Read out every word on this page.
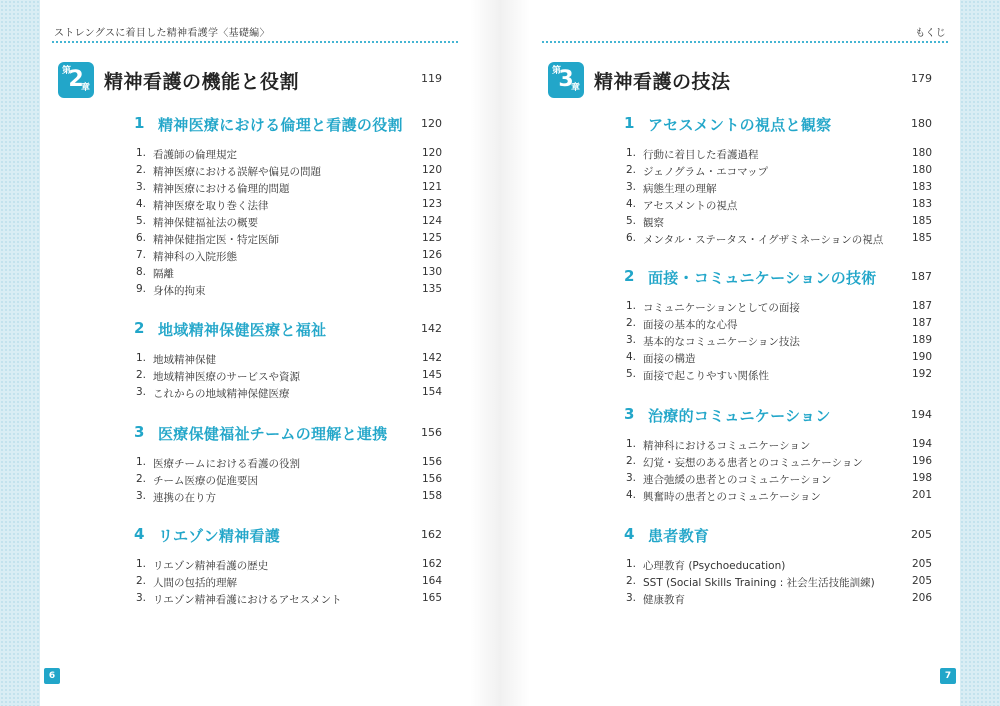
ストレングスに着目した精神看護学〈基礎編〉
第
2
章 精神看護の機能と役割	119
1 精神医療における倫理と看護の役割 120
1. 看護師の倫理規定	120
2. 精神医療における誤解や偏見の問題	120
3. 精神医療における倫理的問題	121
4. 精神医療を取り巻く法律	123
5. 精神保健福祉法の概要	124
6. 精神保健指定医・特定医師	125
7. 精神科の入院形態	126
8. 隔離	130
9. 身体的拘束	135
2 地域精神保健医療と福祉	142
1. 地域精神保健	142
2. 地域精神医療のサービスや資源	145
3. これからの地域精神保健医療	154
3 医療保健福祉チームの理解と連携	156
1. 医療チームにおける看護の役割	156
2. チーム医療の促進要因	156
3. 連携の在り方	158
4 リエゾン精神看護	162
1. リエゾン精神看護の歴史	162
2. 人間の包括的理解	164
3. リエゾン精神看護におけるアセスメント	165
もくじ
第
3
章 精神看護の技法	179
1 アセスメントの視点と観察	180
1. 行動に着目した看護過程	180
2. ジェノグラム・エコマップ	180
3. 病態生理の理解	183
4. アセスメントの視点	183
5. 観察	185
6. メンタル・ステータス・イグザミネーションの視点	185
2 面接・コミュニケーションの技術	187
1. コミュニケーションとしての面接	187
2. 面接の基本的な心得	187
3. 基本的なコミュニケーション技法	189
4. 面接の構造	190
5. 面接で起こりやすい関係性	192
3 治療的コミュニケーション	194
1. 精神科におけるコミュニケーション	194
2. 幻覚・妄想のある患者とのコミュニケーション	196
3. 連合弛緩の患者とのコミュニケーション	198
4. 興奮時の患者とのコミュニケーション	201
4 患者教育	205
1. 心理教育 (Psychoeducation)	205
2. SST (Social Skills Training : 社会生活技能訓練)	205
3. 健康教育	206
6	7
